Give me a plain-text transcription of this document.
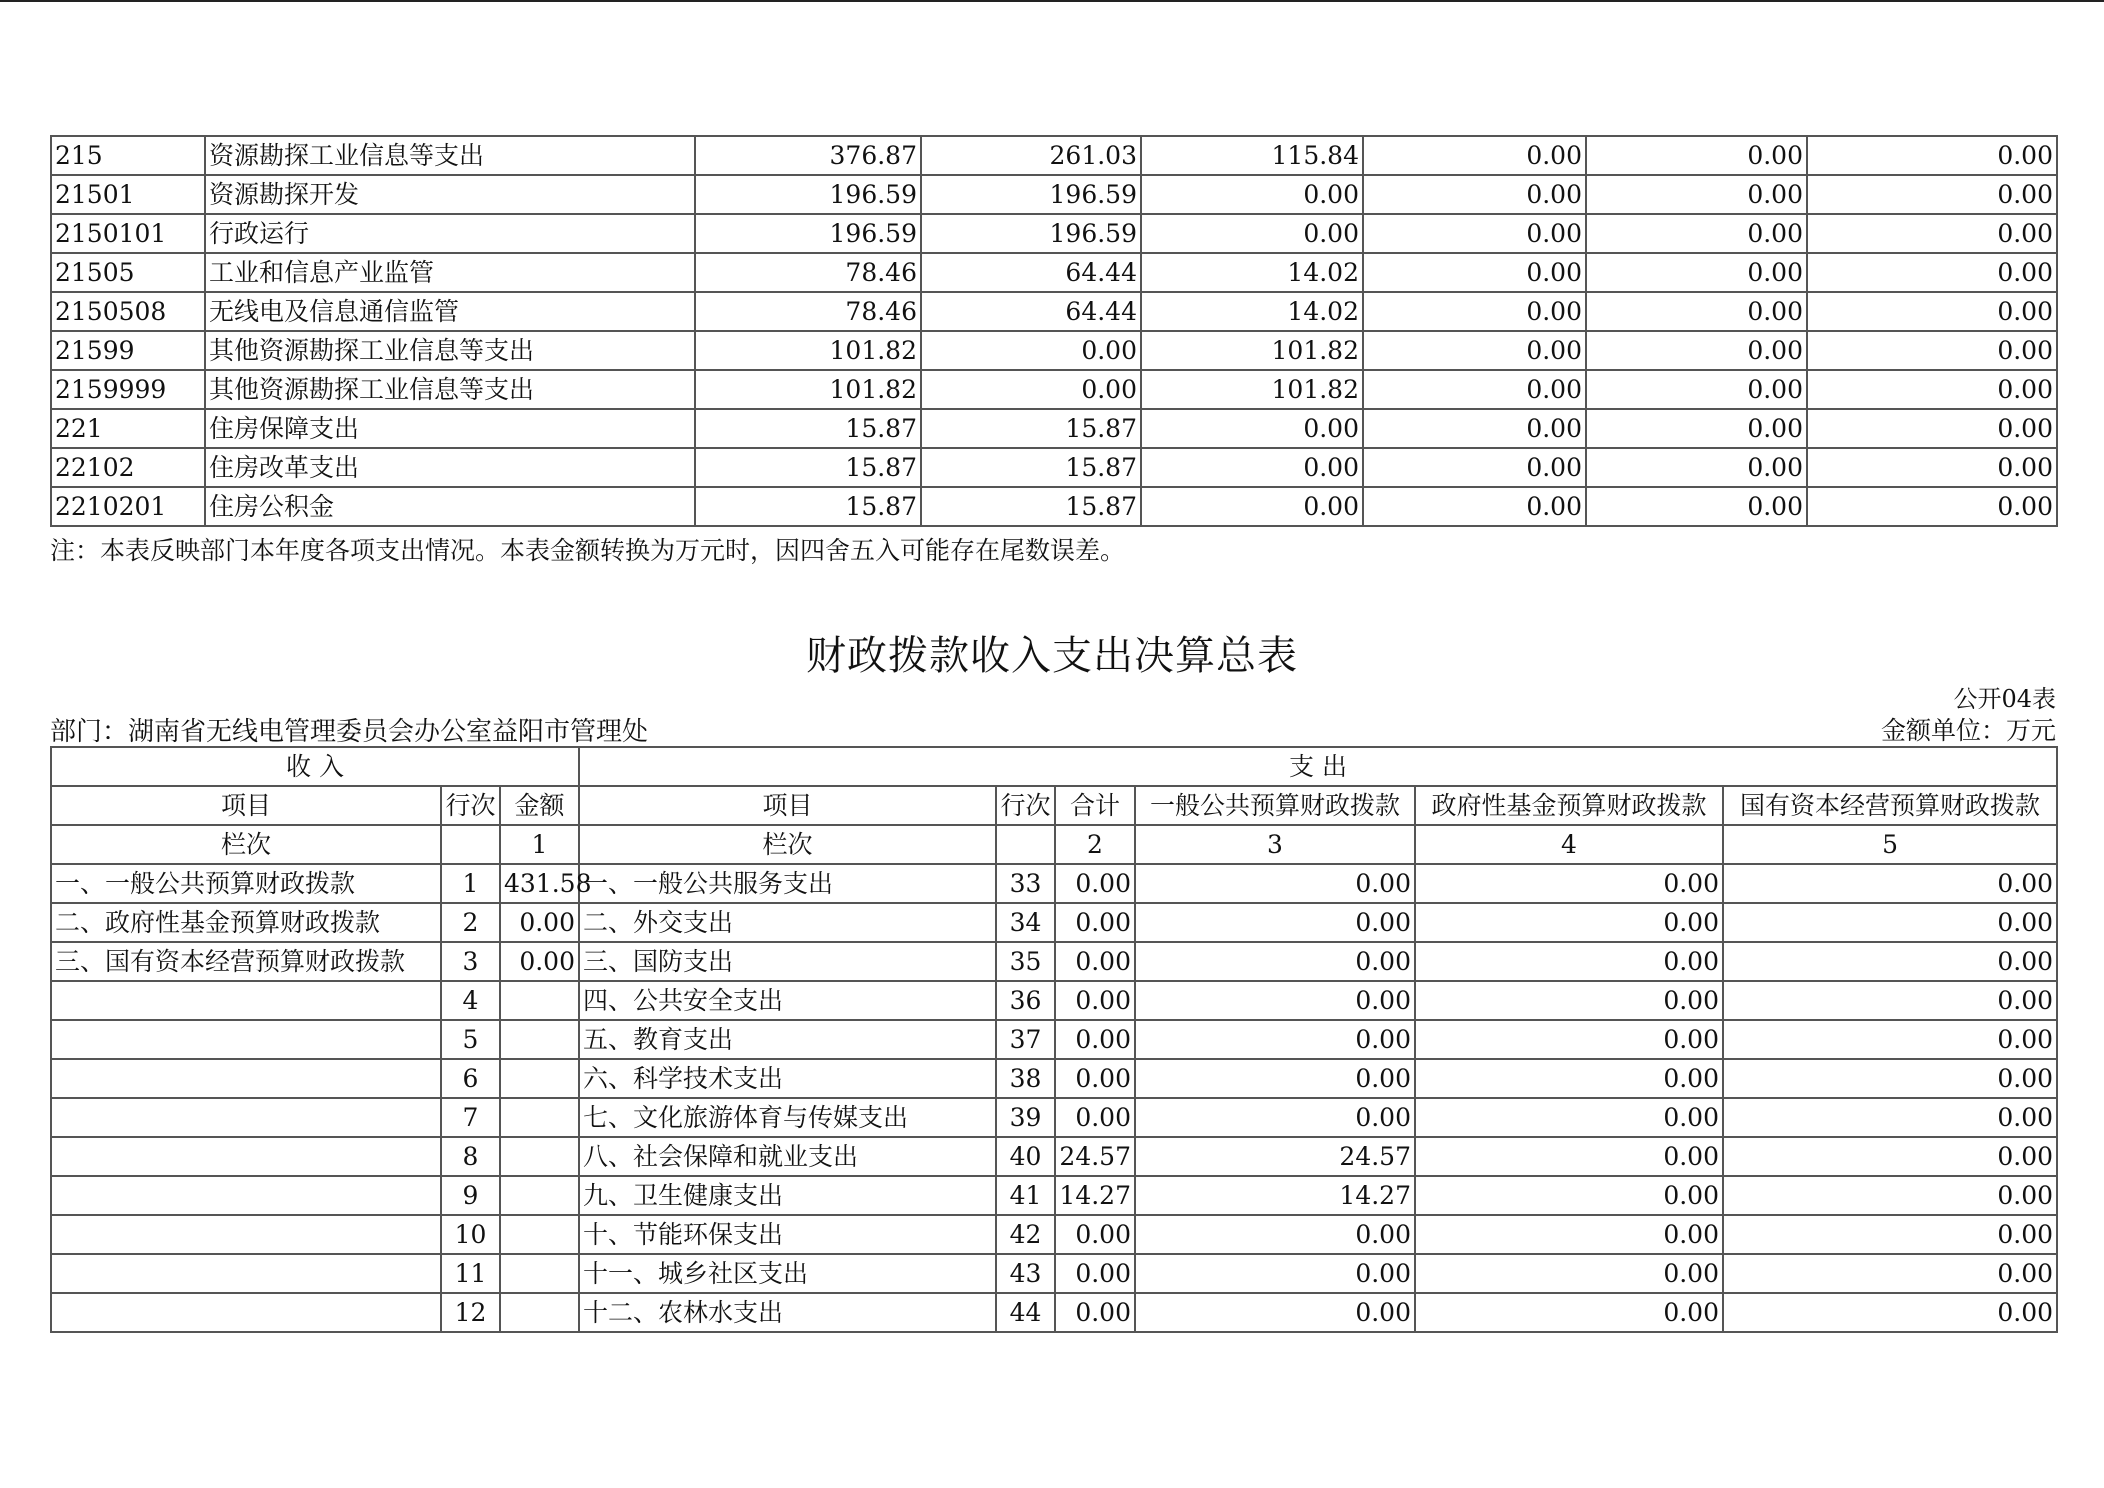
215	资源勘探工业信息等支出	376.87	261.03	115.84	0.00	0.00	0.00
21501	资源勘探开发	196.59	196.59	0.00	0.00	0.00	0.00
2150101	行政运行	196.59	196.59	0.00	0.00	0.00	0.00
21505	工业和信息产业监管	78.46	64.44	14.02	0.00	0.00	0.00
2150508	无线电及信息通信监管	78.46	64.44	14.02	0.00	0.00	0.00
21599	其他资源勘探工业信息等支出	101.82	0.00	101.82	0.00	0.00	0.00
2159999	其他资源勘探工业信息等支出	101.82	0.00	101.82	0.00	0.00	0.00
221	住房保障支出	15.87	15.87	0.00	0.00	0.00	0.00
22102	住房改革支出	15.87	15.87	0.00	0.00	0.00	0.00
2210201	住房公积金	15.87	15.87	0.00	0.00	0.00	0.00
注：本表反映部门本年度各项支出情况。本表金额转换为万元时，因四舍五入可能存在尾数误差。
财政拨款收入支出决算总表
公开04表
部门：湖南省无线电管理委员会办公室益阳市管理处	金额单位：万元
收 入			支 出					
项目	行次	金额	项目	行次	合计	一般公共预算财政拨款	政府性基金预算财政拨款	国有资本经营预算财政拨款
栏次		1	栏次		2	3	4	5
一、一般公共预算财政拨款	1	431.58	一、一般公共服务支出	33	0.00	0.00	0.00	0.00
二、政府性基金预算财政拨款	2	0.00	二、外交支出	34	0.00	0.00	0.00	0.00
三、国有资本经营预算财政拨款	3	0.00	三、国防支出	35	0.00	0.00	0.00	0.00
	4		四、公共安全支出	36	0.00	0.00	0.00	0.00
	5		五、教育支出	37	0.00	0.00	0.00	0.00
	6		六、科学技术支出	38	0.00	0.00	0.00	0.00
	7		七、文化旅游体育与传媒支出	39	0.00	0.00	0.00	0.00
	8		八、社会保障和就业支出	40	24.57	24.57	0.00	0.00
	9		九、卫生健康支出	41	14.27	14.27	0.00	0.00
	10		十、节能环保支出	42	0.00	0.00	0.00	0.00
	11		十一、城乡社区支出	43	0.00	0.00	0.00	0.00
	12		十二、农林水支出	44	0.00	0.00	0.00	0.00
